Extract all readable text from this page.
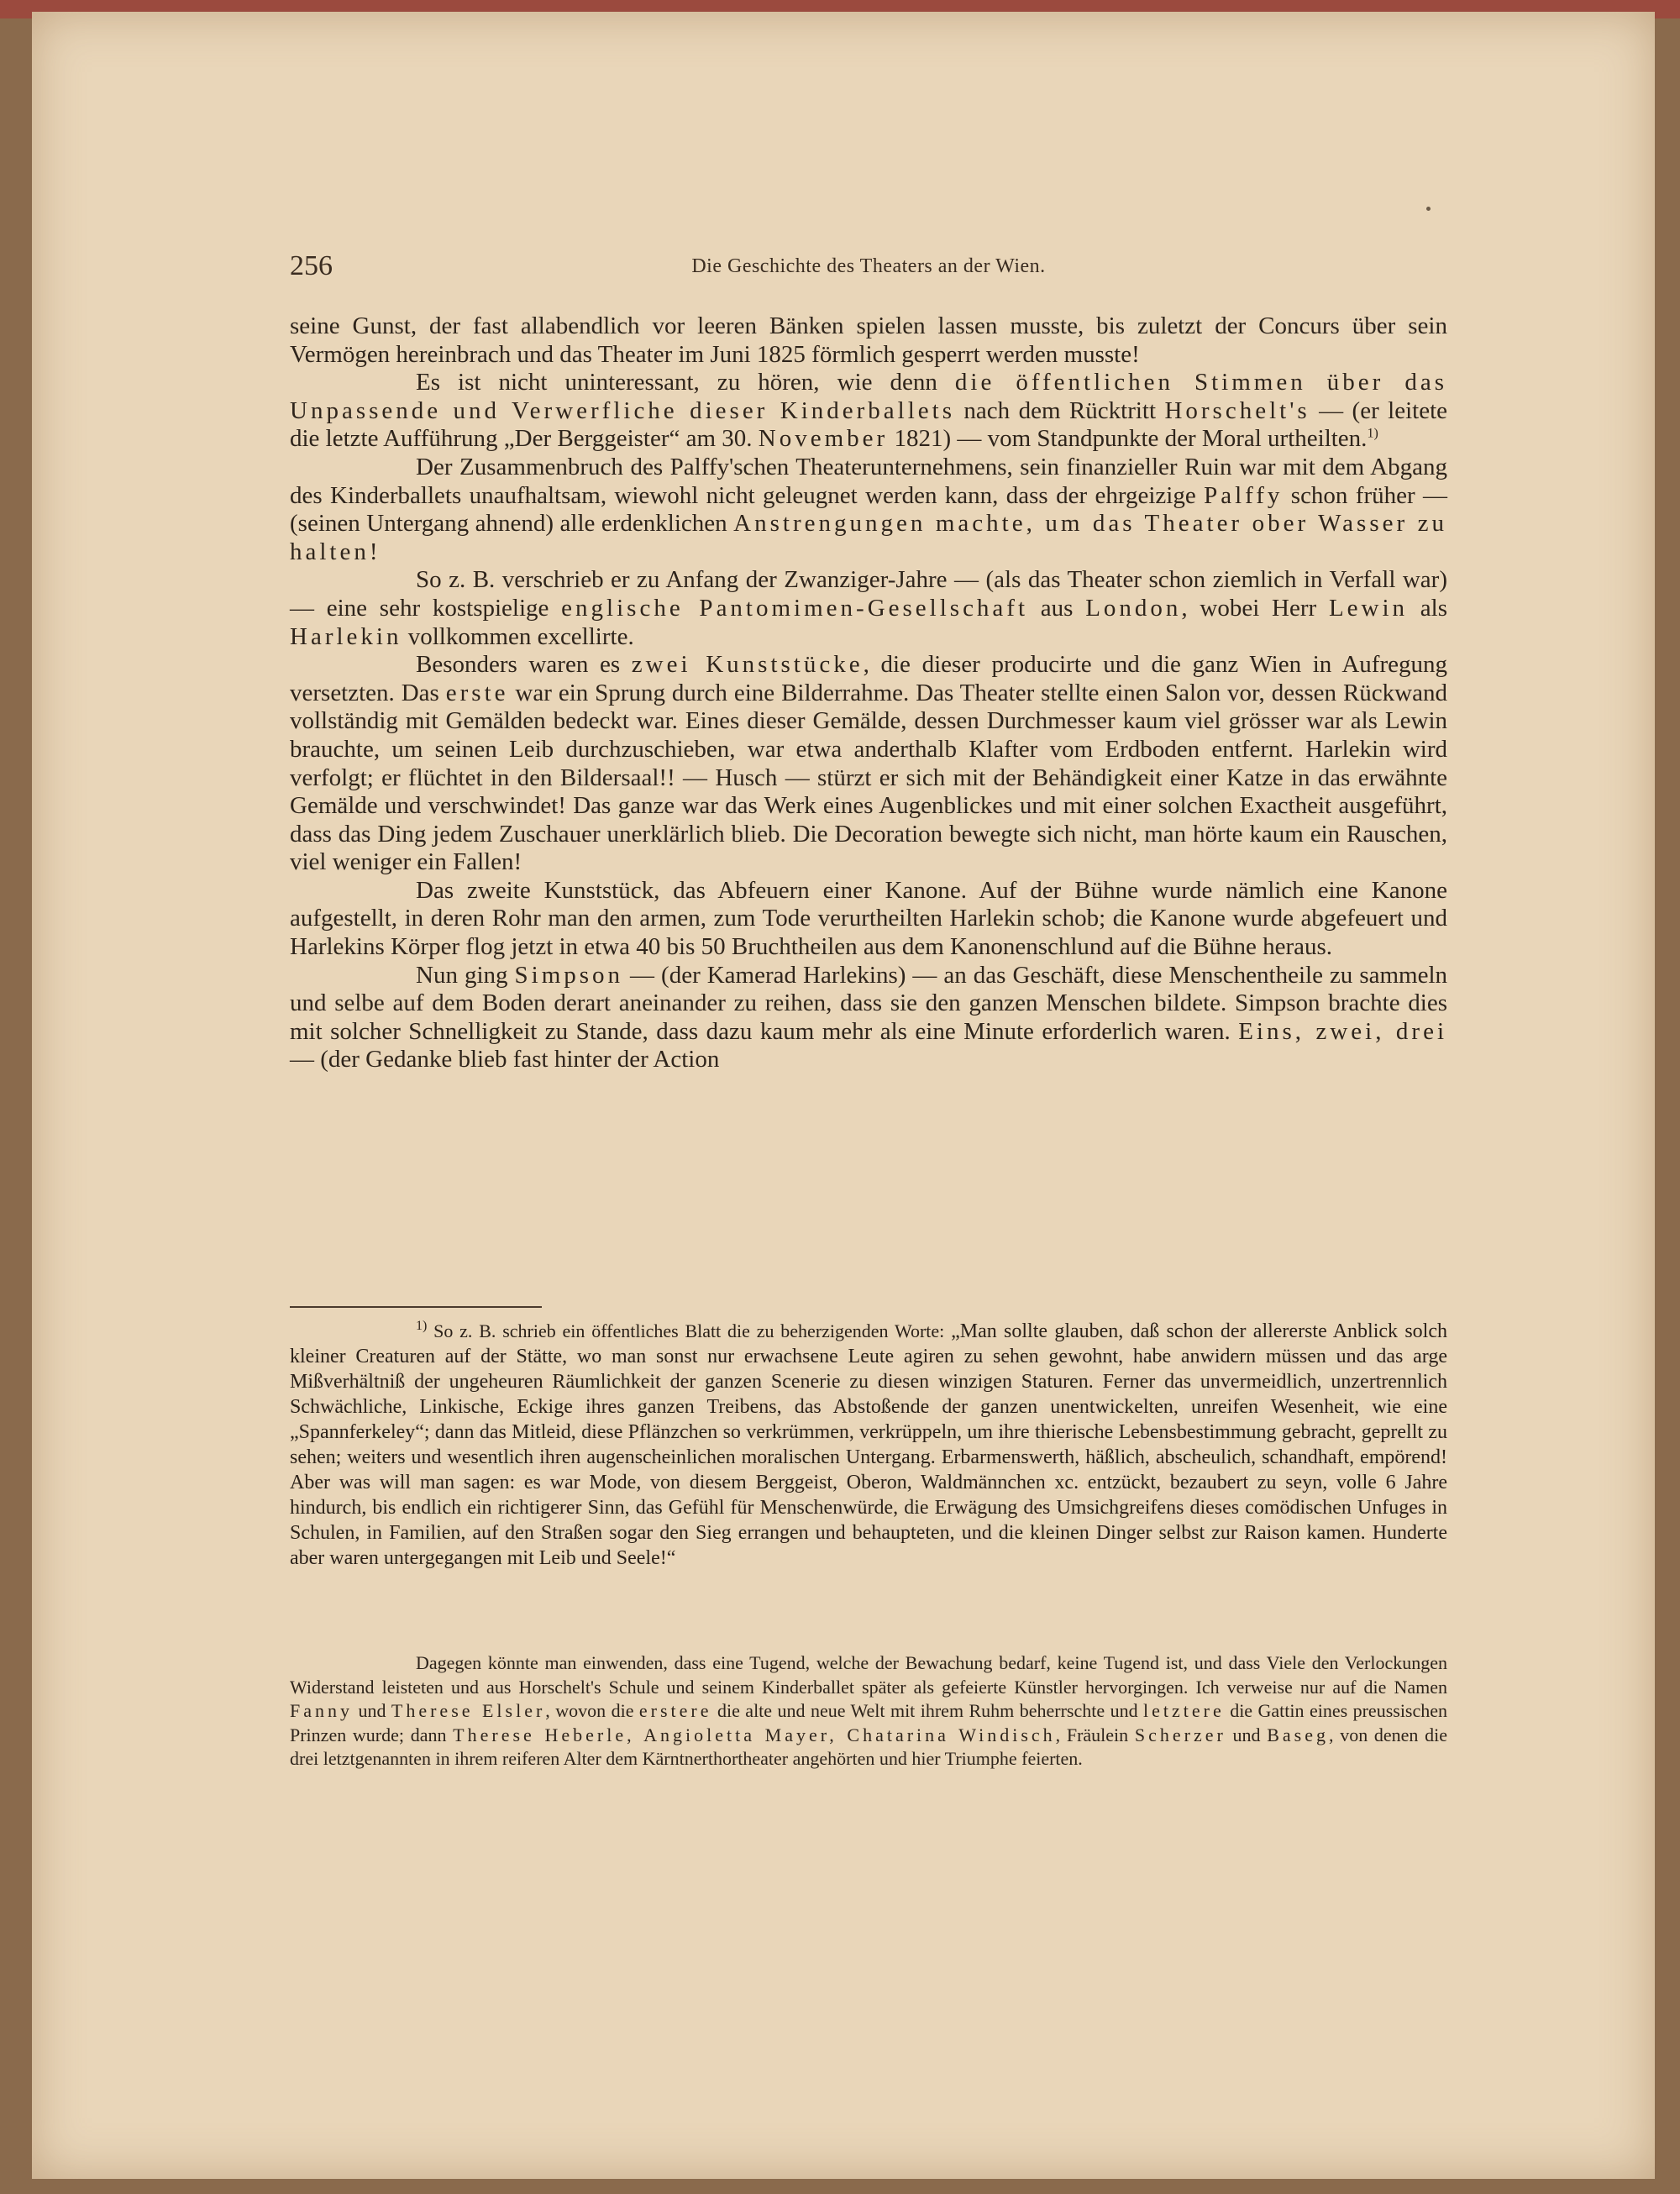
256	Die Geschichte des Theaters an der Wien.

seine Gunst, der fast allabendlich vor leeren Bänken spielen lassen musste, bis zuletzt der Concurs über sein Vermögen hereinbrach und das Theater im Juni 1825 förmlich gesperrt werden musste!

Es ist nicht uninteressant, zu hören, wie denn die öffentlichen Stimmen über das Unpassende und Verwerfliche dieser Kinderballets nach dem Rücktritt Horschelt's — (er leitete die letzte Aufführung „Der Berggeister“ am 30. November 1821) — vom Standpunkte der Moral urtheilten.$^{1)}$

Der Zusammenbruch des Palffy'schen Theaterunternehmens, sein finanzieller Ruin war mit dem Abgang des Kinderballets unaufhaltsam, wiewohl nicht geleugnet werden kann, dass der ehrgeizige Palffy schon früher — (seinen Untergang ahnend) alle erdenklichen Anstrengungen machte, um das Theater ober Wasser zu halten!

So z. B. verschrieb er zu Anfang der Zwanziger-Jahre — (als das Theater schon ziemlich in Verfall war) — eine sehr kostspielige englische Pantomimen-Gesellschaft aus London, wobei Herr Lewin als Harlekin vollkommen excellirte.

Besonders waren es zwei Kunststücke, die dieser producirte und die ganz Wien in Aufregung versetzten. Das erste war ein Sprung durch eine Bilderrahme. Das Theater stellte einen Salon vor, dessen Rückwand vollständig mit Gemälden bedeckt war. Eines dieser Gemälde, dessen Durchmesser kaum viel grösser war als Lewin brauchte, um seinen Leib durchzuschieben, war etwa anderthalb Klafter vom Erdboden entfernt. Harlekin wird verfolgt; er flüchtet in den Bildersaal!! — Husch — stürzt er sich mit der Behändigkeit einer Katze in das erwähnte Gemälde und verschwindet! Das ganze war das Werk eines Augenblickes und mit einer solchen Exactheit ausgeführt, dass das Ding jedem Zuschauer unerklärlich blieb. Die Decoration bewegte sich nicht, man hörte kaum ein Rauschen, viel weniger ein Fallen!

Das zweite Kunststück, das Abfeuern einer Kanone. Auf der Bühne wurde nämlich eine Kanone aufgestellt, in deren Rohr man den armen, zum Tode verurtheilten Harlekin schob; die Kanone wurde abgefeuert und Harlekins Körper flog jetzt in etwa 40 bis 50 Bruchtheilen aus dem Kanonenschlund auf die Bühne heraus.

Nun ging Simpson — (der Kamerad Harlekins) — an das Geschäft, diese Menschentheile zu sammeln und selbe auf dem Boden derart aneinander zu reihen, dass sie den ganzen Menschen bildete. Simpson brachte dies mit solcher Schnelligkeit zu Stande, dass dazu kaum mehr als eine Minute erforderlich waren. Eins, zwei, drei — (der Gedanke blieb fast hinter der Action

$^{1)}$ So z. B. schrieb ein öffentliches Blatt die zu beherzigenden Worte: „Man sollte glauben, daß schon der allererste Anblick solch kleiner Creaturen auf der Stätte, wo man sonst nur erwachsene Leute agiren zu sehen gewohnt, habe anwidern müssen und das arge Mißverhältniß der ungeheuren Räumlichkeit der ganzen Scenerie zu diesen winzigen Staturen. Ferner das unvermeidlich, unzertrennlich Schwächliche, Linkische, Eckige ihres ganzen Treibens, das Abstoßende der ganzen unentwickelten, unreifen Wesenheit, wie eine „Spannferkeley“; dann das Mitleid, diese Pflänzchen so verkrümmen, verkrüppeln, um ihre thierische Lebensbestimmung gebracht, geprellt zu sehen; weiters und wesentlich ihren augenscheinlichen moralischen Untergang. Erbarmenswerth, häßlich, abscheulich, schandhaft, empörend! Aber was will man sagen: es war Mode, von diesem Berggeist, Oberon, Waldmännchen xc. entzückt, bezaubert zu seyn, volle 6 Jahre hindurch, bis endlich ein richtigerer Sinn, das Gefühl für Menschenwürde, die Erwägung des Umsichgreifens dieses comödischen Unfuges in Schulen, in Familien, auf den Straßen sogar den Sieg errangen und behaupteten, und die kleinen Dinger selbst zur Raison kamen. Hunderte aber waren untergegangen mit Leib und Seele!“

Dagegen könnte man einwenden, dass eine Tugend, welche der Bewachung bedarf, keine Tugend ist, und dass Viele den Verlockungen Widerstand leisteten und aus Horschelt's Schule und seinem Kinderballet später als gefeierte Künstler hervorgingen. Ich verweise nur auf die Namen Fanny und Therese Elsler, wovon die erstere die alte und neue Welt mit ihrem Ruhm beherrschte und letztere die Gattin eines preussischen Prinzen wurde; dann Therese Heberle, Angioletta Mayer, Chatarina Windisch, Fräulein Scherzer und Baseg, von denen die drei letztgenannten in ihrem reiferen Alter dem Kärntnerthortheater angehörten und hier Triumphe feierten.
